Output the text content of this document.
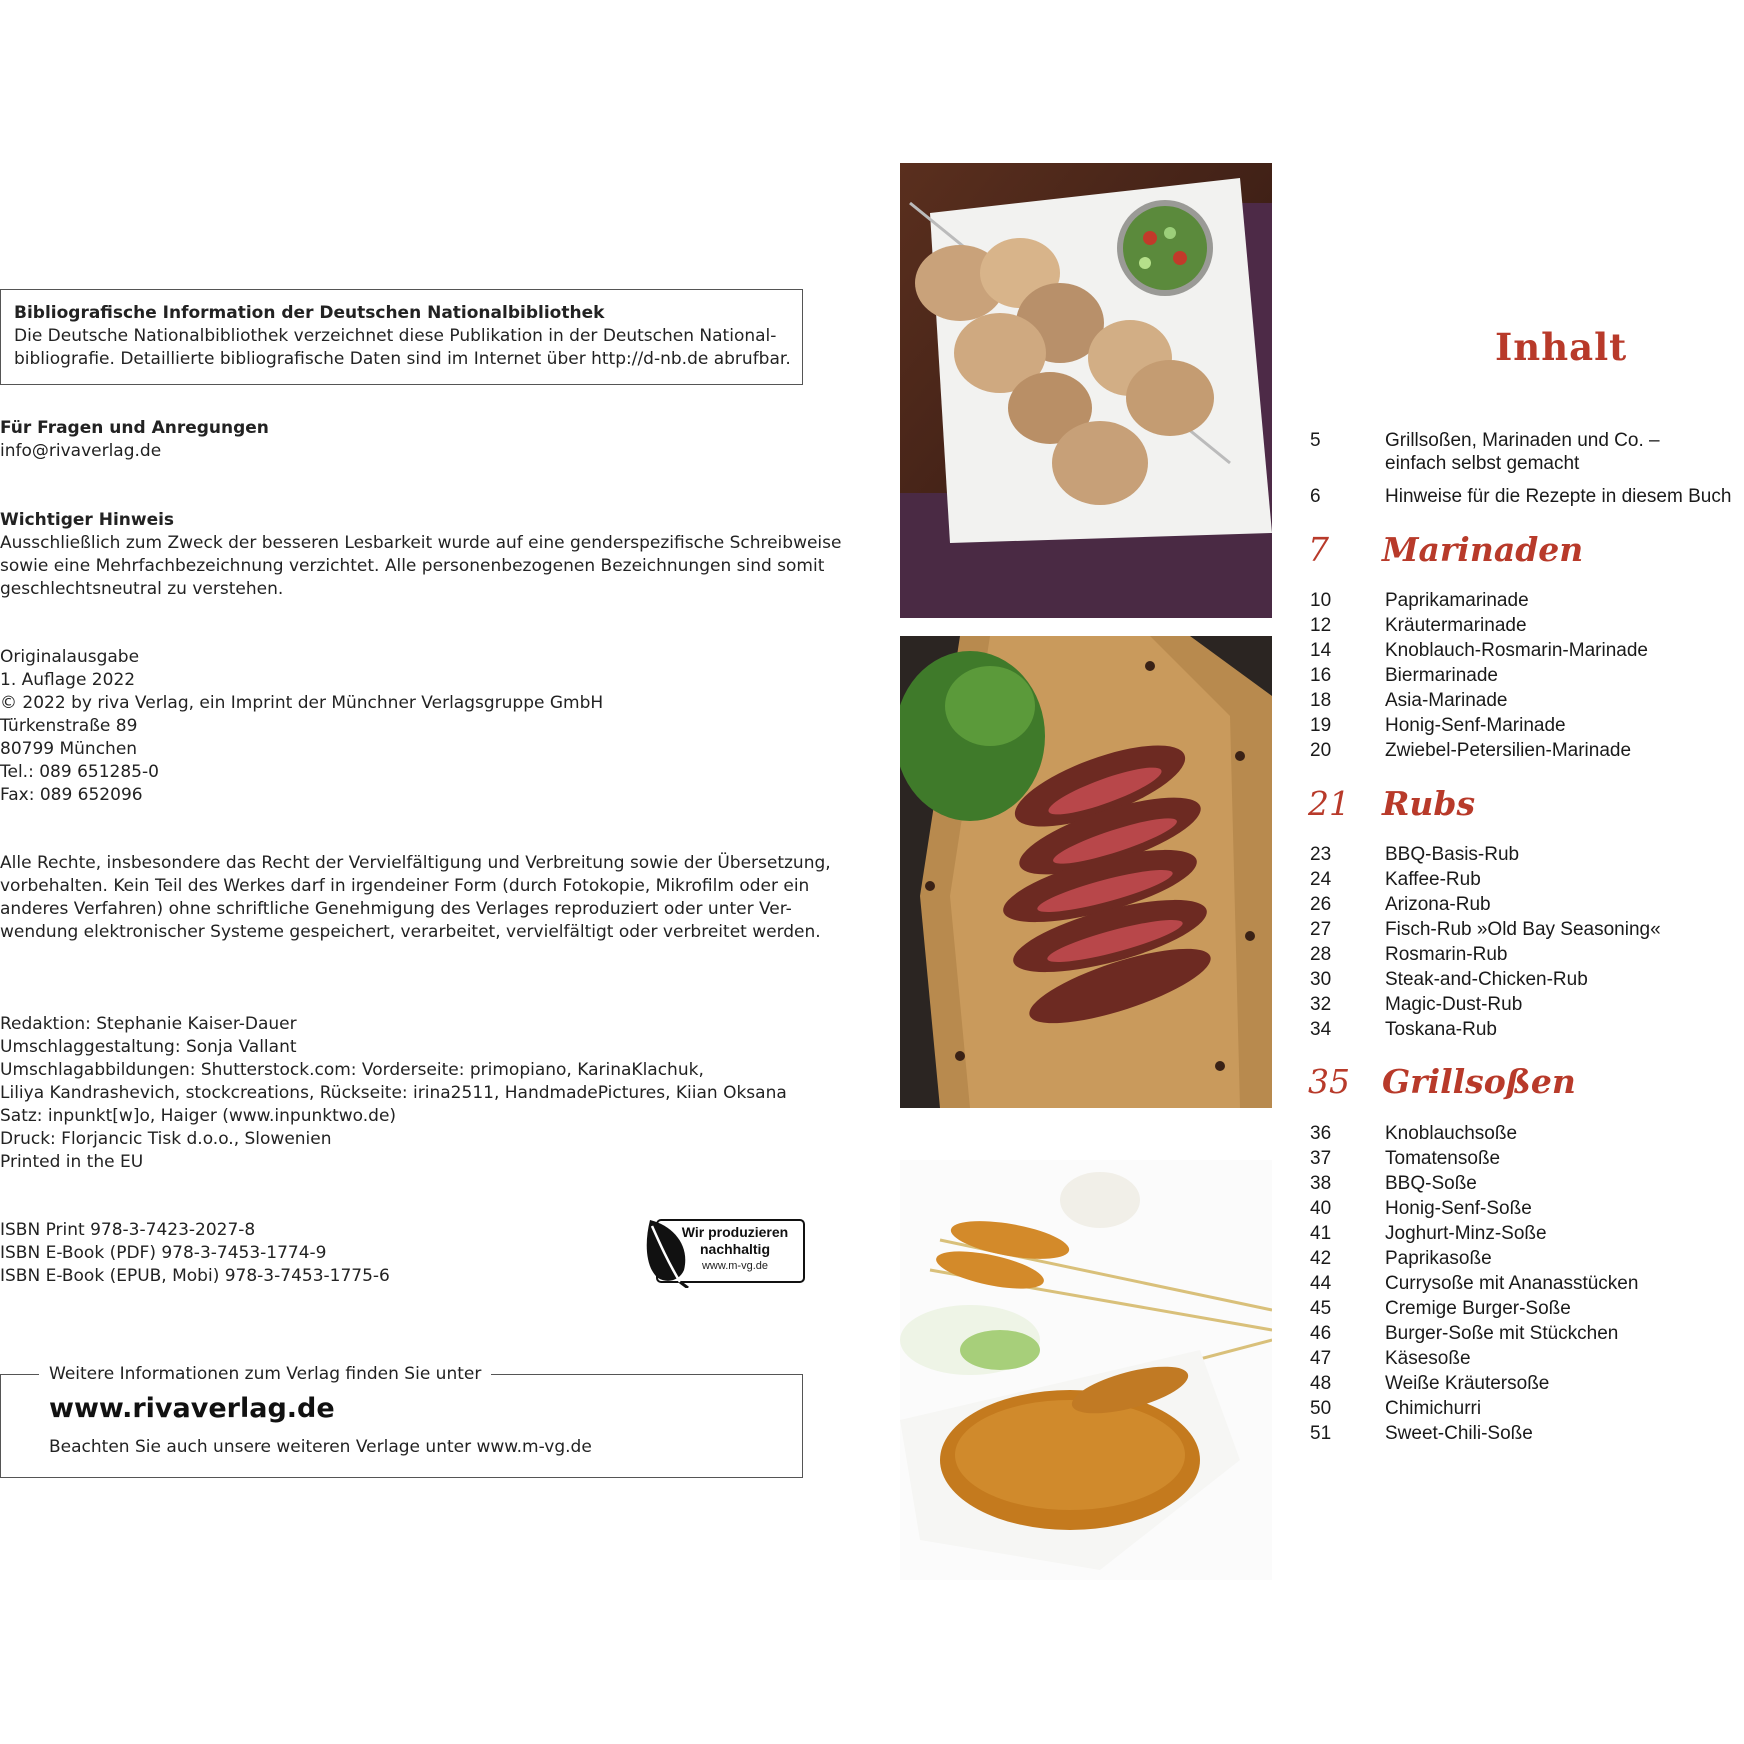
Bibliografische Information der Deutschen Nationalbibliothek
Die Deutsche Nationalbibliothek verzeichnet diese Publikation in der Deutschen National-
bibliografie. Detaillierte bibliografische Daten sind im Internet über http://d-nb.de abrufbar.
Für Fragen und Anregungen
info@rivaverlag.de
Wichtiger Hinweis
Ausschließlich zum Zweck der besseren Lesbarkeit wurde auf eine genderspezifische Schreibweise
sowie eine Mehrfachbezeichnung verzichtet. Alle personenbezogenen Bezeichnungen sind somit
geschlechtsneutral zu verstehen.
Originalausgabe
1. Auflage 2022
© 2022 by riva Verlag, ein Imprint der Münchner Verlagsgruppe GmbH
Türkenstraße 89
80799 München
Tel.: 089 651285-0
Fax: 089 652096
Alle Rechte, insbesondere das Recht der Vervielfältigung und Verbreitung sowie der Übersetzung,
vorbehalten. Kein Teil des Werkes darf in irgendeiner Form (durch Fotokopie, Mikrofilm oder ein
anderes Verfahren) ohne schriftliche Genehmigung des Verlages reproduziert oder unter Ver-
wendung elektronischer Systeme gespeichert, verarbeitet, vervielfältigt oder verbreitet werden.
Redaktion: Stephanie Kaiser-Dauer
Umschlaggestaltung: Sonja Vallant
Umschlagabbildungen: Shutterstock.com: Vorderseite: primopiano, KarinaKlachuk,
Liliya Kandrashevich, stockcreations, Rückseite: irina2511, HandmadePictures, Kiian Oksana
Satz: inpunkt[w]o, Haiger (www.inpunktwo.de)
Druck: Florjancic Tisk d.o.o., Slowenien
Printed in the EU
ISBN Print 978-3-7423-2027-8
ISBN E-Book (PDF) 978-3-7453-1774-9
ISBN E-Book (EPUB, Mobi) 978-3-7453-1775-6
Wir produzieren
nachhaltig
www.m-vg.de
Weitere Informationen zum Verlag finden Sie unter
www.rivaverlag.de
Beachten Sie auch unsere weiteren Verlage unter www.m-vg.de
Inhalt
5	Grillsoßen, Marinaden und Co. –
einfach selbst gemacht
6	Hinweise für die Rezepte in diesem Buch
7 Marinaden
10	Paprikamarinade
12	Kräutermarinade
14	Knoblauch-Rosmarin-Marinade
16	Biermarinade
18	Asia-Marinade
19	Honig-Senf-Marinade
20	Zwiebel-Petersilien-Marinade
21 Rubs
23	BBQ-Basis-Rub
24	Kaffee-Rub
26	Arizona-Rub
27	Fisch-Rub »Old Bay Seasoning«
28	Rosmarin-Rub
30	Steak-and-Chicken-Rub
32	Magic-Dust-Rub
34	Toskana-Rub
35 Grillsoßen
36	Knoblauchsoße
37	Tomatensoße
38	BBQ-Soße
40	Honig-Senf-Soße
41	Joghurt-Minz-Soße
42	Paprikasoße
44	Currysoße mit Ananasstücken
45	Cremige Burger-Soße
46	Burger-Soße mit Stückchen
47	Käsesoße
48	Weiße Kräutersoße
50	Chimichurri
51	Sweet-Chili-Soße
